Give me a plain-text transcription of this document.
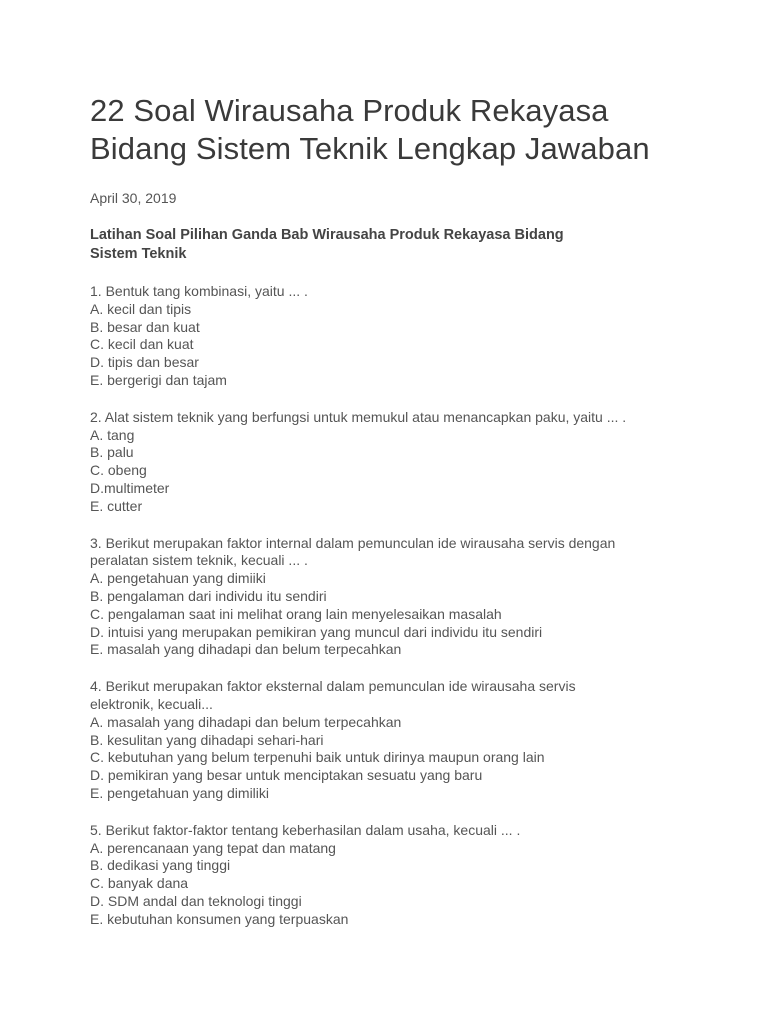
22 Soal Wirausaha Produk Rekayasa
Bidang Sistem Teknik Lengkap Jawaban
April 30, 2019
Latihan Soal Pilihan Ganda Bab Wirausaha Produk Rekayasa Bidang
Sistem Teknik
1. Bentuk tang kombinasi, yaitu ... .
A. kecil dan tipis
B. besar dan kuat
C. kecil dan kuat
D. tipis dan besar
E. bergerigi dan tajam
2. Alat sistem teknik yang berfungsi untuk memukul atau menancapkan paku, yaitu ... .
A. tang
B. palu
C. obeng
D.multimeter
E. cutter
3. Berikut merupakan faktor internal dalam pemunculan ide wirausaha servis dengan
peralatan sistem teknik, kecuali ... .
A. pengetahuan yang dimiiki
B. pengalaman dari individu itu sendiri
C. pengalaman saat ini melihat orang lain menyelesaikan masalah
D. intuisi yang merupakan pemikiran yang muncul dari individu itu sendiri
E. masalah yang dihadapi dan belum terpecahkan
4. Berikut merupakan faktor eksternal dalam pemunculan ide wirausaha servis
elektronik, kecuali...
A. masalah yang dihadapi dan belum terpecahkan
B. kesulitan yang dihadapi sehari-hari
C. kebutuhan yang belum terpenuhi baik untuk dirinya maupun orang lain
D. pemikiran yang besar untuk menciptakan sesuatu yang baru
E. pengetahuan yang dimiliki
5. Berikut faktor-faktor tentang keberhasilan dalam usaha, kecuali ... .
A. perencanaan yang tepat dan matang
B. dedikasi yang tinggi
C. banyak dana
D. SDM andal dan teknologi tinggi
E. kebutuhan konsumen yang terpuaskan
